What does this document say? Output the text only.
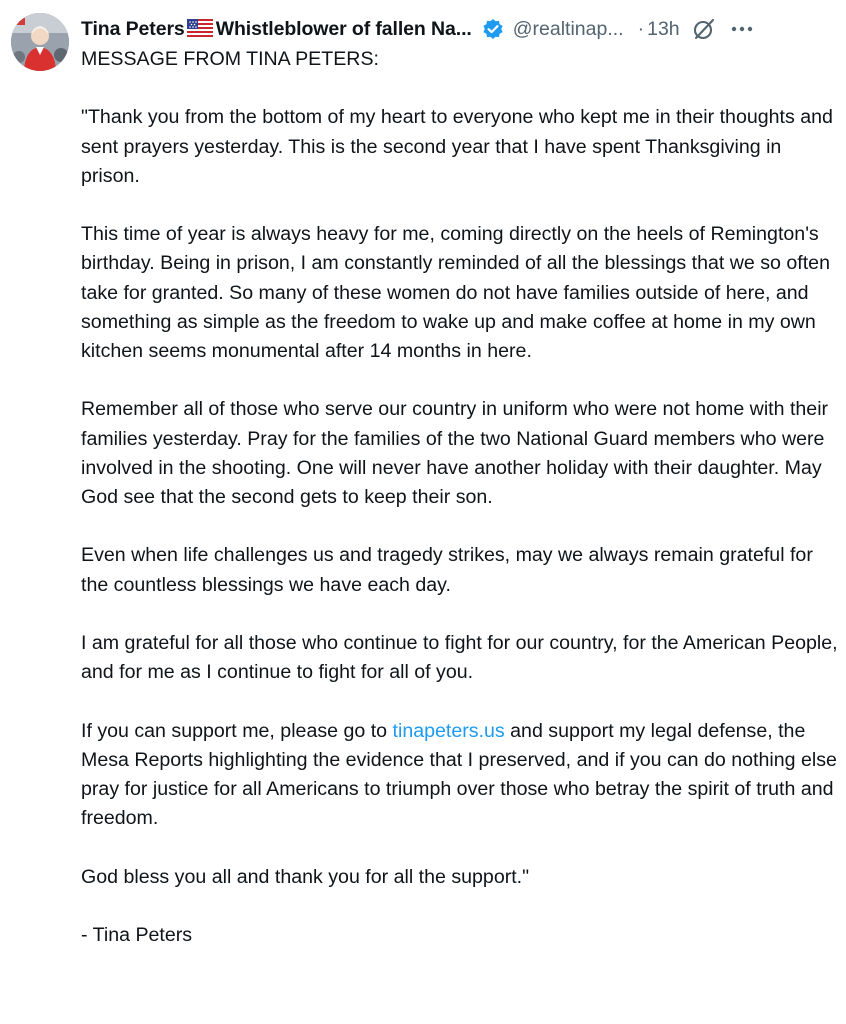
Tina Peters Whistleblower of fallen Na... @realtinap... · 13h

MESSAGE FROM TINA PETERS:

"Thank you from the bottom of my heart to everyone who kept me in their thoughts and sent prayers yesterday. This is the second year that I have spent Thanksgiving in prison.

This time of year is always heavy for me, coming directly on the heels of Remington's birthday. Being in prison, I am constantly reminded of all the blessings that we so often take for granted. So many of these women do not have families outside of here, and something as simple as the freedom to wake up and make coffee at home in my own kitchen seems monumental after 14 months in here.

Remember all of those who serve our country in uniform who were not home with their families yesterday. Pray for the families of the two National Guard members who were involved in the shooting. One will never have another holiday with their daughter. May God see that the second gets to keep their son.

Even when life challenges us and tragedy strikes, may we always remain grateful for the countless blessings we have each day.

I am grateful for all those who continue to fight for our country, for the American People, and for me as I continue to fight for all of you.

If you can support me, please go to tinapeters.us and support my legal defense, the Mesa Reports highlighting the evidence that I preserved, and if you can do nothing else pray for justice for all Americans to triumph over those who betray the spirit of truth and freedom.

God bless you all and thank you for all the support."

- Tina Peters
